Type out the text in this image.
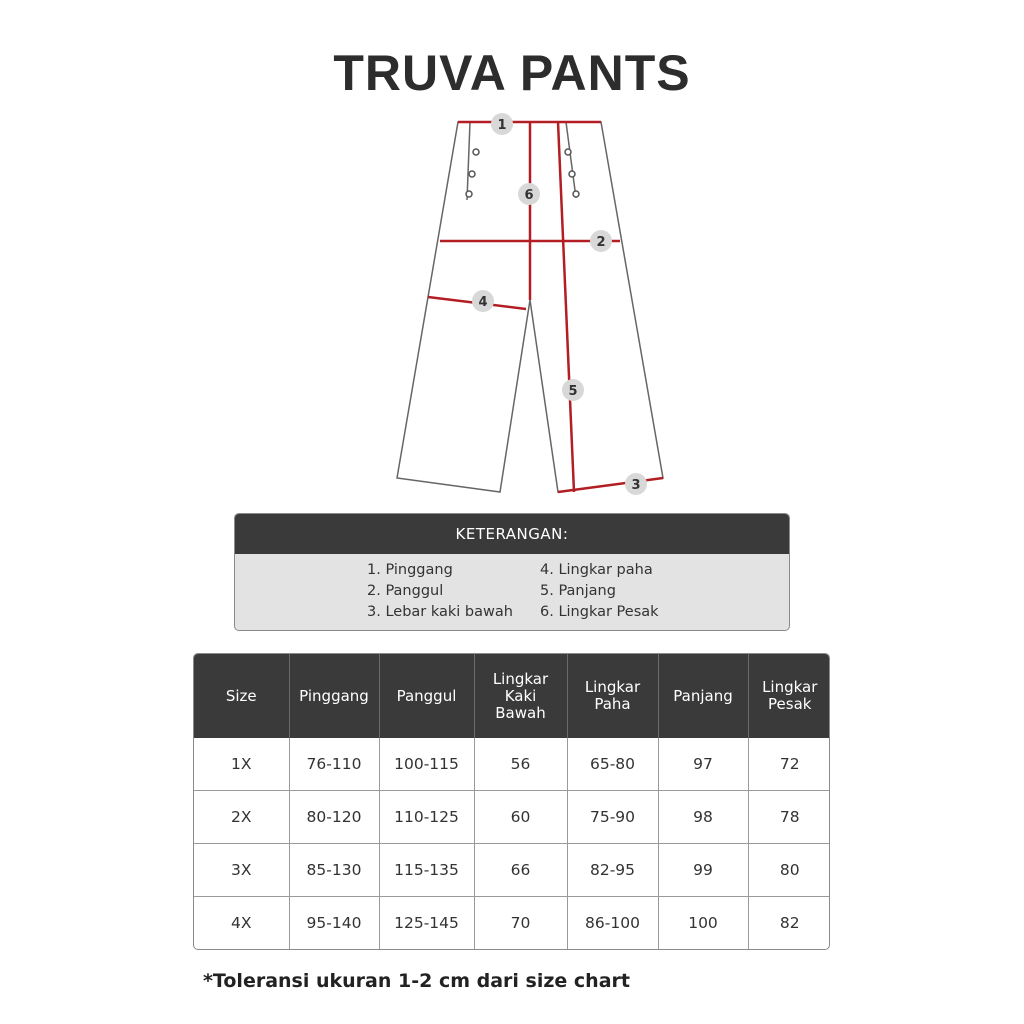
TRUVA PANTS
1
2
3
4
5
6
KETERANGAN:
1. Pinggang
2. Panggul
3. Lebar kaki bawah
4. Lingkar paha
5. Panjang
6. Lingkar Pesak
Size	Pinggang	Panggul	Lingkar Kaki Bawah	Lingkar Paha	Panjang	Lingkar Pesak
1X	76-110	100-115	56	65-80	97	72
2X	80-120	110-125	60	75-90	98	78
3X	85-130	115-135	66	82-95	99	80
4X	95-140	125-145	70	86-100	100	82
*Toleransi ukuran 1-2 cm dari size chart
